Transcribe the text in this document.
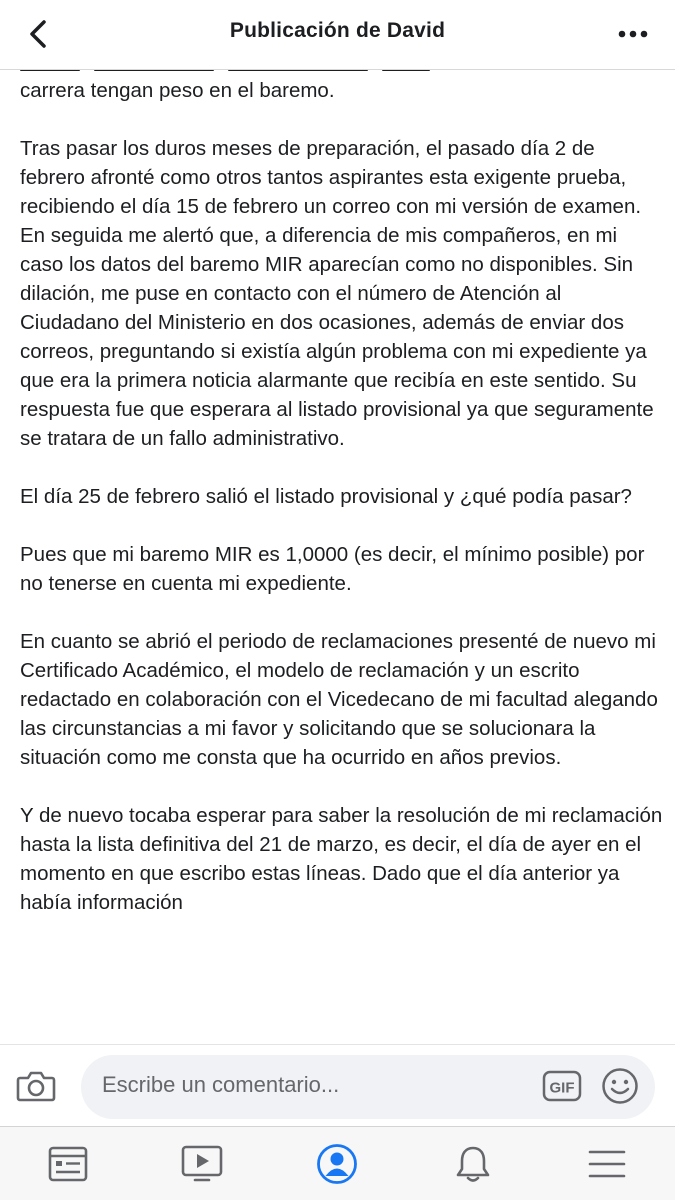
Publicación de David

carrera tengan peso en el baremo.

Tras pasar los duros meses de preparación, el pasado día 2 de febrero afronté como otros tantos aspirantes esta exigente prueba, recibiendo el día 15 de febrero un correo con mi versión de examen. En seguida me alertó que, a diferencia de mis compañeros, en mi caso los datos del baremo MIR aparecían como no disponibles. Sin dilación, me puse en contacto con el número de Atención al Ciudadano del Ministerio en dos ocasiones, además de enviar dos correos, preguntando si existía algún problema con mi expediente ya que era la primera noticia alarmante que recibía en este sentido. Su respuesta fue que esperara al listado provisional ya que seguramente se tratara de un fallo administrativo.

El día 25 de febrero salió el listado provisional y ¿qué podía pasar?

Pues que mi baremo MIR es 1,0000 (es decir, el mínimo posible) por no tenerse en cuenta mi expediente.

En cuanto se abrió el periodo de reclamaciones presenté de nuevo mi Certificado Académico, el modelo de reclamación y un escrito redactado en colaboración con el Vicedecano de mi facultad alegando las circunstancias a mi favor y solicitando que se solucionara la situación como me consta que ha ocurrido en años previos.

Y de nuevo tocaba esperar para saber la resolución de mi reclamación hasta la lista definitiva del 21 de marzo, es decir, el día de ayer en el momento en que escribo estas líneas. Dado que el día anterior ya había información

Escribe un comentario...	GIF
